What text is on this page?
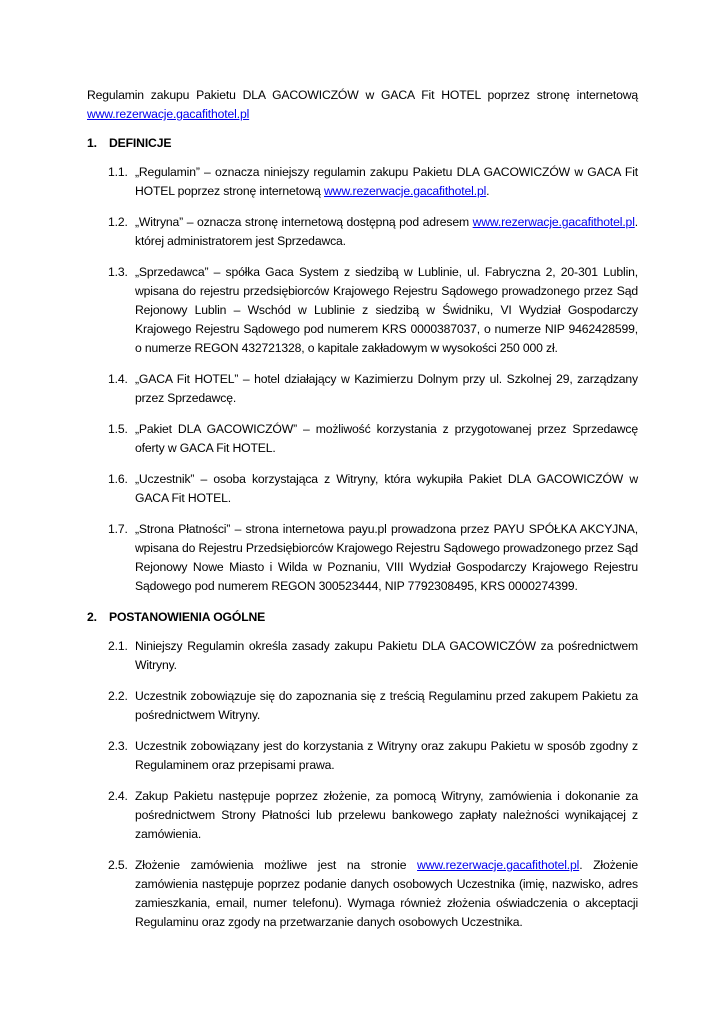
Regulamin zakupu Pakietu DLA GACOWICZÓW w GACA Fit HOTEL poprzez stronę internetową www.rezerwacje.gacafithotel.pl

1. DEFINICJE
1.1. „Regulamin” – oznacza niniejszy regulamin zakupu Pakietu DLA GACOWICZÓW w GACA Fit HOTEL poprzez stronę internetową www.rezerwacje.gacafithotel.pl.

1.2. „Witryna” – oznacza stronę internetową dostępną pod adresem www.rezerwacje.gacafithotel.pl. której administratorem jest Sprzedawca.

1.3. „Sprzedawca” – spółka Gaca System z siedzibą w Lublinie, ul. Fabryczna 2, 20-301 Lublin, wpisana do rejestru przedsiębiorców Krajowego Rejestru Sądowego prowadzonego przez Sąd Rejonowy Lublin – Wschód w Lublinie z siedzibą w Świdniku, VI Wydział Gospodarczy Krajowego Rejestru Sądowego pod numerem KRS 0000387037, o numerze NIP 9462428599, o numerze REGON 432721328, o kapitale zakładowym w wysokości 250 000 zł.

1.4. „GACA Fit HOTEL” – hotel działający w Kazimierzu Dolnym przy ul. Szkolnej 29, zarządzany przez Sprzedawcę.

1.5. „Pakiet DLA GACOWICZÓW” – możliwość korzystania z przygotowanej przez Sprzedawcę oferty w GACA Fit HOTEL.

1.6. „Uczestnik” – osoba korzystająca z Witryny, która wykupiła Pakiet DLA GACOWICZÓW w GACA Fit HOTEL.

1.7. „Strona Płatności” – strona internetowa payu.pl prowadzona przez PAYU SPÓŁKA AKCYJNA, wpisana do Rejestru Przedsiębiorców Krajowego Rejestru Sądowego prowadzonego przez Sąd Rejonowy Nowe Miasto i Wilda w Poznaniu, VIII Wydział Gospodarczy Krajowego Rejestru Sądowego pod numerem REGON 300523444, NIP 7792308495, KRS 0000274399.

2. POSTANOWIENIA OGÓLNE
2.1. Niniejszy Regulamin określa zasady zakupu Pakietu DLA GACOWICZÓW za pośrednictwem Witryny.

2.2. Uczestnik zobowiązuje się do zapoznania się z treścią Regulaminu przed zakupem Pakietu za pośrednictwem Witryny.

2.3. Uczestnik zobowiązany jest do korzystania z Witryny oraz zakupu Pakietu w sposób zgodny z Regulaminem oraz przepisami prawa.

2.4. Zakup Pakietu następuje poprzez złożenie, za pomocą Witryny, zamówienia i dokonanie za pośrednictwem Strony Płatności lub przelewu bankowego zapłaty należności wynikającej z zamówienia.

2.5. Złożenie zamówienia możliwe jest na stronie www.rezerwacje.gacafithotel.pl. Złożenie zamówienia następuje poprzez podanie danych osobowych Uczestnika (imię, nazwisko, adres zamieszkania, email, numer telefonu). Wymaga również złożenia oświadczenia o akceptacji Regulaminu oraz zgody na przetwarzanie danych osobowych Uczestnika.
